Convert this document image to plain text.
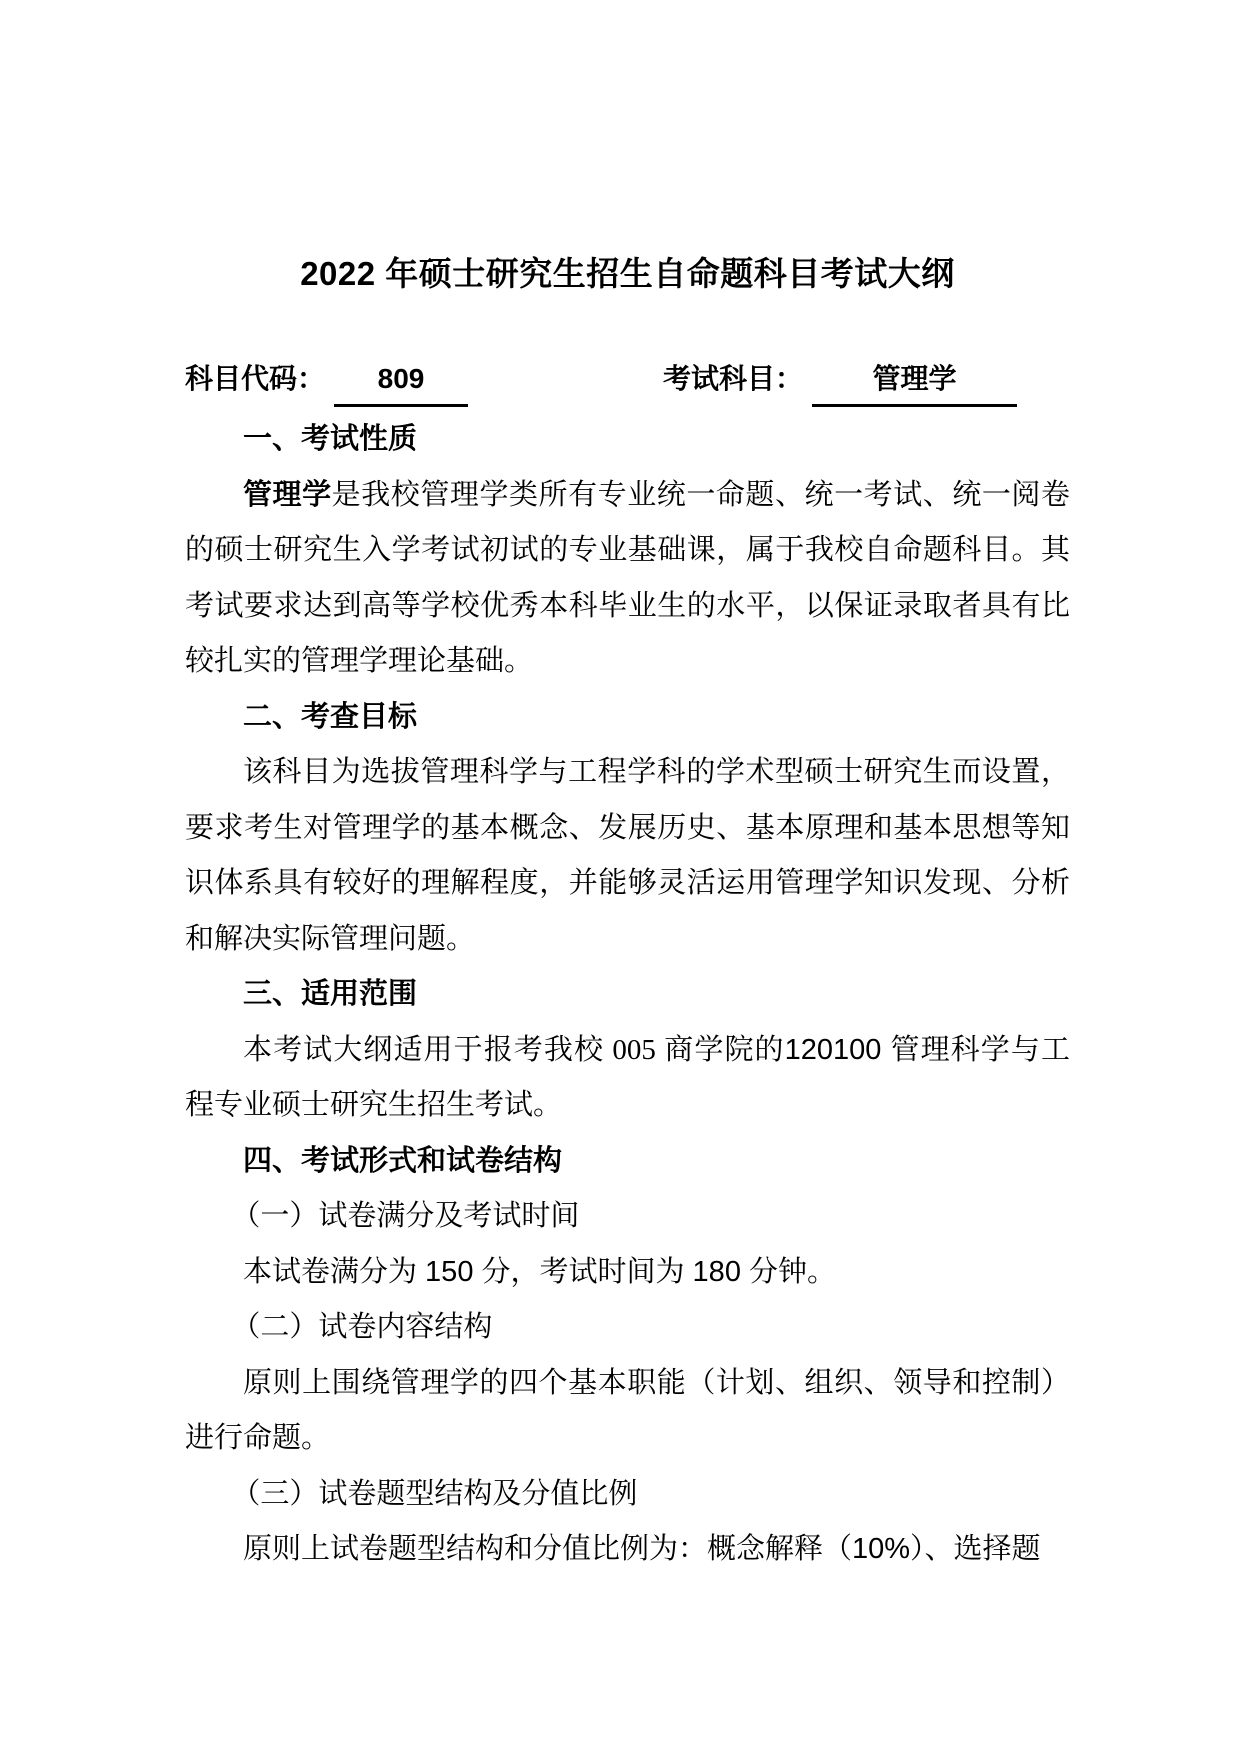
2022 年硕士研究生招生自命题科目考试大纲
科目代码：	809	考试科目：	管理学
一、考试性质
管理学是我校管理学类所有专业统一命题、统一考试、统一阅卷的硕士研究生入学考试初试的专业基础课，属于我校自命题科目。其考试要求达到高等学校优秀本科毕业生的水平，以保证录取者具有比较扎实的管理学理论基础。
二、考查目标
该科目为选拔管理科学与工程学科的学术型硕士研究生而设置，要求考生对管理学的基本概念、发展历史、基本原理和基本思想等知识体系具有较好的理解程度，并能够灵活运用管理学知识发现、分析和解决实际管理问题。
三、适用范围
本考试大纲适用于报考我校 005 商学院的120100 管理科学与工程专业硕士研究生招生考试。
四、考试形式和试卷结构
（一）试卷满分及考试时间
本试卷满分为 150 分，考试时间为 180 分钟。
（二）试卷内容结构
原则上围绕管理学的四个基本职能（计划、组织、领导和控制）进行命题。
（三）试卷题型结构及分值比例
原则上试卷题型结构和分值比例为：概念解释（10%）、选择题
